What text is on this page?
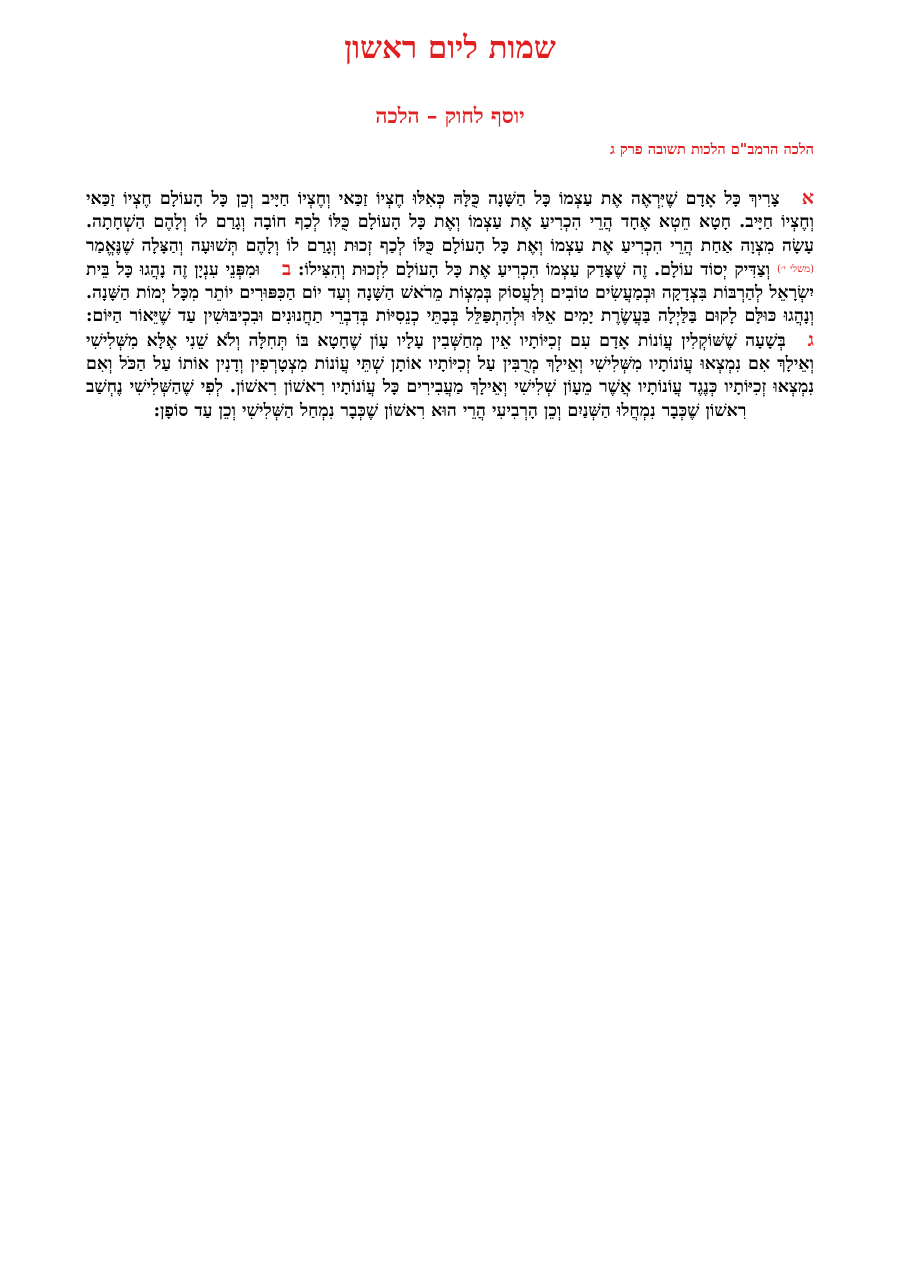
שמות ליום ראשון
יוסף לחוק – הלכה
הלכה הרמב"ם הלכות תשובה פרק ג

אצָרִיךְ כָּל אָדָם שֶׁיִּרְאֶה אֶת עַצְמוֹ כָּל הַשָּׁנָה כֻּלָּהּ כְּאִלּוּ חֶצְיוֹ זַכַּאי וְחֶצְיוֹ חַיָּיב וְכֵן כָּל הָעוֹלָם חֶצְיוֹ זַכַּאי וְחֶצְיוֹ חַיָּיב. חָטָא חֵטְא אֶחָד הֲרֵי הִכְרִיעַ אֶת עַצְמוֹ וְאֶת כָּל הָעוֹלָם כֻּלּוֹ לְכַף חוֹבָה וְגָרַם לוֹ וְלָהֶם הַשְׁחָתָה. עָשָׂה מִצְוָה אַחַת הֲרֵי הִכְרִיעַ אֶת עַצְמוֹ וְאֶת כָּל הָעוֹלָם כֻּלּוֹ לְכַף זְכוּת וְגָרַם לוֹ וְלָהֶם תְּשׁוּעָה וְהַצָּלָה שֶׁנֶּאֱמַר (משלי י׳) וְצַדִּיק יְסוֹד עוֹלָם. זֶה שֶׁצָּדַק עַצְמוֹ הִכְרִיעַ אֶת כָּל הָעוֹלָם לִזְכוּת וְהִצִּילוֹ: בוּמִפְּנֵי עִנְיָן זֶה נָהֲגוּ כָּל בֵּית יִשְׂרָאֵל לְהַרְבּוֹת בִּצְדָקָה וּבְמַעֲשִׂים טוֹבִים וְלַעֲסוֹק בְּמִצְוֹת מֵרֹאשׁ הַשָּׁנָה וְעַד יוֹם הַכִּפּוּרִים יוֹתֵר מִכָּל יְמוֹת הַשָּׁנָה. וְנָהֲגוּ כּוּלָּם לָקוּם בַּלַּיְלָה בַּעֲשֶׂרֶת יָמִים אֵלּוּ וּלְהִתְפַּלֵּל בְּבָתֵּי כְנֵסִיּוֹת בְּדִבְרֵי תַחֲנוּנִים וּבִכְיבּוּשִׁין עַד שֶׁיֵּאוֹר הַיּוֹם: גבְּשָׁעָה שֶׁשּׁוֹקְלִין עֲוֹנוֹת אָדָם עִם זְכִיּוֹתָיו אֵין מְחַשְּׁבִין עָלָיו עָוֹן שֶׁחָטָא בּוֹ תְּחִלָּה וְלֹא שֵׁנִי אֶלָּא מִשְּׁלִישִׁי וְאֵילָךְ אִם נִמְצְאוּ עֲוֹנוֹתָיו מִשְּׁלִישִׁי וְאֵילָךְ מְרֻבִּין עַל זְכִיּוֹתָיו אוֹתָן שְׁתֵּי עֲוֹנוֹת מִצְטָרְפִין וְדָנִין אוֹתוֹ עַל הַכֹּל וְאִם נִמְצְאוּ זְכִיּוֹתָיו כְּנֶגֶד עֲוֹנוֹתָיו אֲשֶׁר מֵעָוֹן שְׁלִישִׁי וְאֵילָךְ מַעֲבִירִים כָּל עֲוֹנוֹתָיו רִאשׁוֹן רִאשׁוֹן. לְפִי שֶׁהַשְּׁלִישִׁי נֶחְשַׁב רִאשׁוֹן שֶׁכְּבָר נִמְחֲלוּ הַשְּׁנַיִם וְכֵן הָרְבִיעִי הֲרֵי הוּא רִאשׁוֹן שֶׁכְּבָר נִמְחַל הַשְּׁלִישִׁי וְכֵן עַד סוֹפָן:
